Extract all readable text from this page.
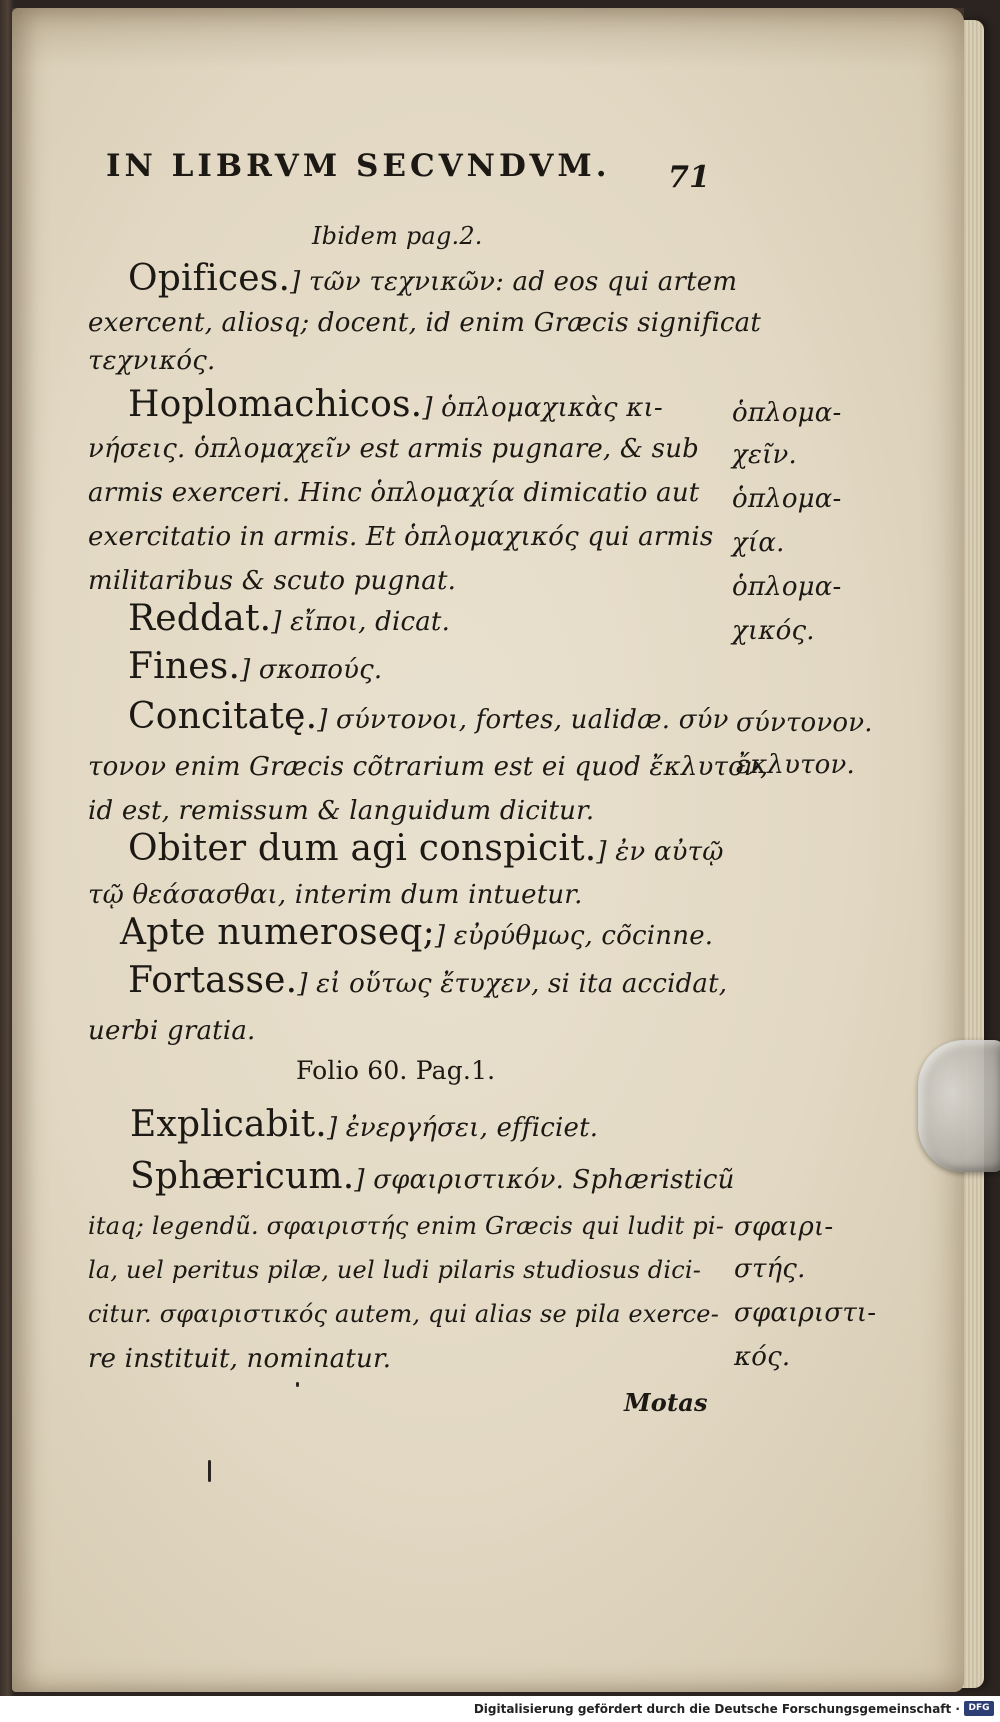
IN LIBRVM SECVNDVM. 71
Ibidem pag.2.
Opifices.] τῶν τεχνικῶν: ad eos qui artem
exercent, aliosq; docent, id enim Græcis significat
τεχνικός.
Hoplomachicos.] ὁπλομαχικὰς κι-
νήσεις. ὁπλομαχεῖν est armis pugnare, & sub
armis exerceri. Hinc ὁπλομαχία dimicatio aut
exercitatio in armis. Et ὁπλομαχικός qui armis
militaribus & scuto pugnat.
Reddat.] εἴποι, dicat.
Fines.] σκοπούς.
Concitatę.] σύντονοι, fortes, ualidæ. σύν
τονον enim Græcis cõtrarium est ei quod ἔκλυτον,
id est, remissum & languidum dicitur.
Obiter dum agi conspicit.] ἐν αὐτῷ
τῷ θεάσασθαι, interim dum intuetur.
Apte numeroseq;] εὐρύθμως, cõcinne.
Fortasse.] εἰ οὕτως ἔτυχεν, si ita accidat,
uerbi gratia.
Folio 60. Pag.1.
Explicabit.] ἐνεργήσει, efficiet.
Sphæricum.] σφαιριστικόν. Sphæristicũ
itaq; legendũ. σφαιριστής enim Græcis qui ludit pi-
la, uel peritus pilæ, uel ludi pilaris studiosus dici-
citur. σφαιριστικός autem, qui alias se pila exerce-
re instituit, nominatur.
ὁπλομα-
χεῖν.
ὁπλομα-
χία.
ὁπλομα-
χικός.
σύντονον.
ἔκλυτον.
σφαιρι-
στής.
σφαιριστι-
κός.
Motas
Digitalisierung gefördert durch die Deutsche Forschungsgemeinschaft · DFG
